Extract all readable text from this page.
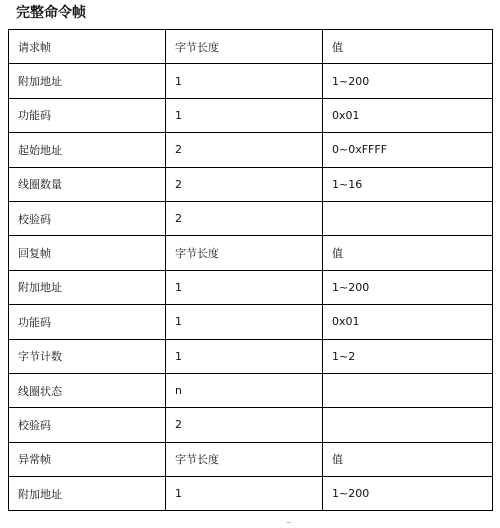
完整命令帧
请求帧	字节长度	值
附加地址	1	1~200
功能码	1	0x01
起始地址	2	0~0xFFFF
线圈数量	2	1~16
校验码	2	
回复帧	字节长度	值
附加地址	1	1~200
功能码	1	0x01
字节计数	1	1~2
线圈状态	n	
校验码	2	
异常帧	字节长度	值
附加地址	1	1~200
~
